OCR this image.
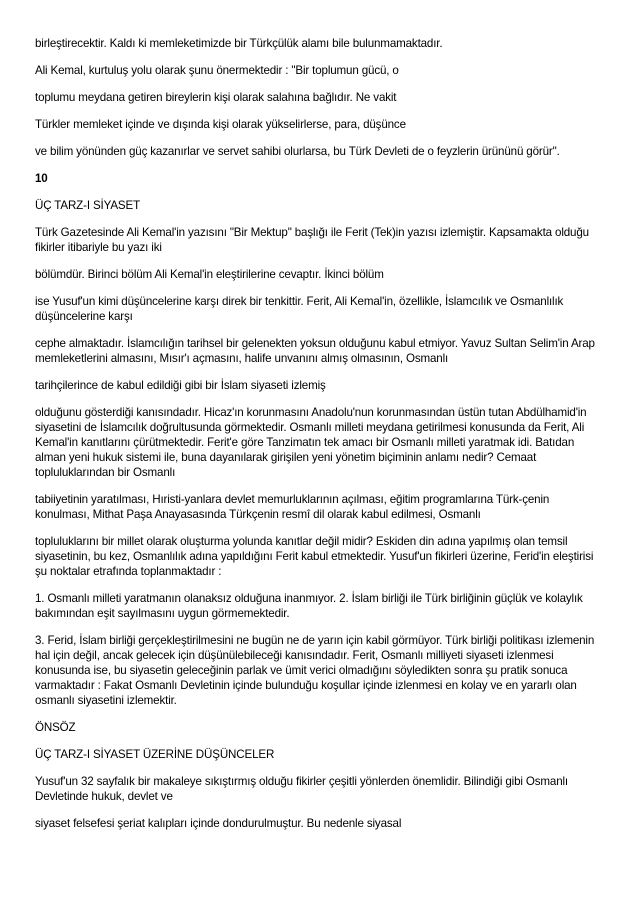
birleştirecektir. Kaldı ki memleketimizde bir Türkçülük alamı bile bulunmamaktadır.

Ali Kemal, kurtuluş yolu olarak şunu önermektedir : "Bir toplumun gücü, o

toplumu meydana getiren bireylerin kişi olarak salahına bağlıdır. Ne vakit

Türkler memleket içinde ve dışında kişi olarak yükselirlerse, para, düşünce

ve bilim yönünden güç kazanırlar ve servet sahibi olurlarsa, bu Türk Devleti de o feyzlerin ürününü görür".

10

ÜÇ TARZ-I SİYASET

Türk Gazetesinde Ali Kemal'in yazısını "Bir Mektup" başlığı ile Ferit (Tek)in yazısı izlemiştir. Kapsamakta olduğu fikirler itibariyle bu yazı iki

bölümdür. Birinci bölüm Ali Kemal'in eleştirilerine cevaptır. İkinci bölüm

ise Yusuf'un kimi düşüncelerine karşı direk bir tenkittir. Ferit, Ali Kemal'in, özellikle, İslamcılık ve Osmanlılık düşüncelerine karşı

cephe almaktadır. İslamcılığın tarihsel bir gelenekten yoksun olduğunu kabul etmiyor. Yavuz Sultan Selim'in Arap memleketlerini almasını, Mısır'ı açmasını, halife unvanını almış olmasının, Osmanlı

tarihçilerince de kabul edildiği gibi bir İslam siyaseti izlemiş

olduğunu gösterdiği kanısındadır. Hicaz'ın korunmasını Anadolu'nun korunmasından üstün tutan Abdülhamid'in siyasetini de İslamcılık doğrultusunda görmektedir. Osmanlı milleti meydana getirilmesi konusunda da Ferit, Ali Kemal'in kanıtlarını çürütmektedir. Ferit'e göre Tanzimatın tek amacı bir Osmanlı milleti yaratmak idi. Batıdan alman yeni hukuk sistemi ile, buna dayanılarak girişilen yeni yönetim biçiminin anlamı nedir? Cemaat topluluklarından bir Osmanlı

tabiiyetinin yaratılması, Hıristi-yanlara devlet memurluklarının açılması, eğitim programlarına Türk-çenin konulması, Mithat Paşa Anayasasında Türkçenin resmî dil olarak kabul edilmesi, Osmanlı

topluluklarını bir millet olarak oluşturma yolunda kanıtlar değil midir? Eskiden din adına yapılmış olan temsil siyasetinin, bu kez, Osmanlılık adına yapıldığını Ferit kabul etmektedir. Yusuf'un fikirleri üzerine, Ferid'in eleştirisi şu noktalar etrafında toplanmaktadır :

1. Osmanlı milleti yaratmanın olanaksız olduğuna inanmıyor. 2. İslam birliği ile Türk birliğinin güçlük ve kolaylık bakımından eşit sayılmasını uygun görmemektedir.

3. Ferid, İslam birliği gerçekleştirilmesini ne bugün ne de yarın için kabil görmüyor. Türk birliği politikası izlemenin hal için değil, ancak gelecek için düşünülebileceği kanısındadır. Ferit, Osmanlı milliyeti siyaseti izlenmesi konusunda ise, bu siyasetin geleceğinin parlak ve ümit verici olmadığını söyledikten sonra şu pratik sonuca varmaktadır : Fakat Osmanlı Devletinin içinde bulunduğu koşullar içinde izlenmesi en kolay ve en yararlı olan osmanlı siyasetini izlemektir.

ÖNSÖZ

ÜÇ TARZ-I SİYASET ÜZERİNE DÜŞÜNCELER

Yusuf'un 32 sayfalık bir makaleye sıkıştırmış olduğu fikirler çeşitli yönlerden önemlidir. Bilindiği gibi Osmanlı Devletinde hukuk, devlet ve

siyaset felsefesi şeriat kalıpları içinde dondurulmuştur. Bu nedenle siyasal
